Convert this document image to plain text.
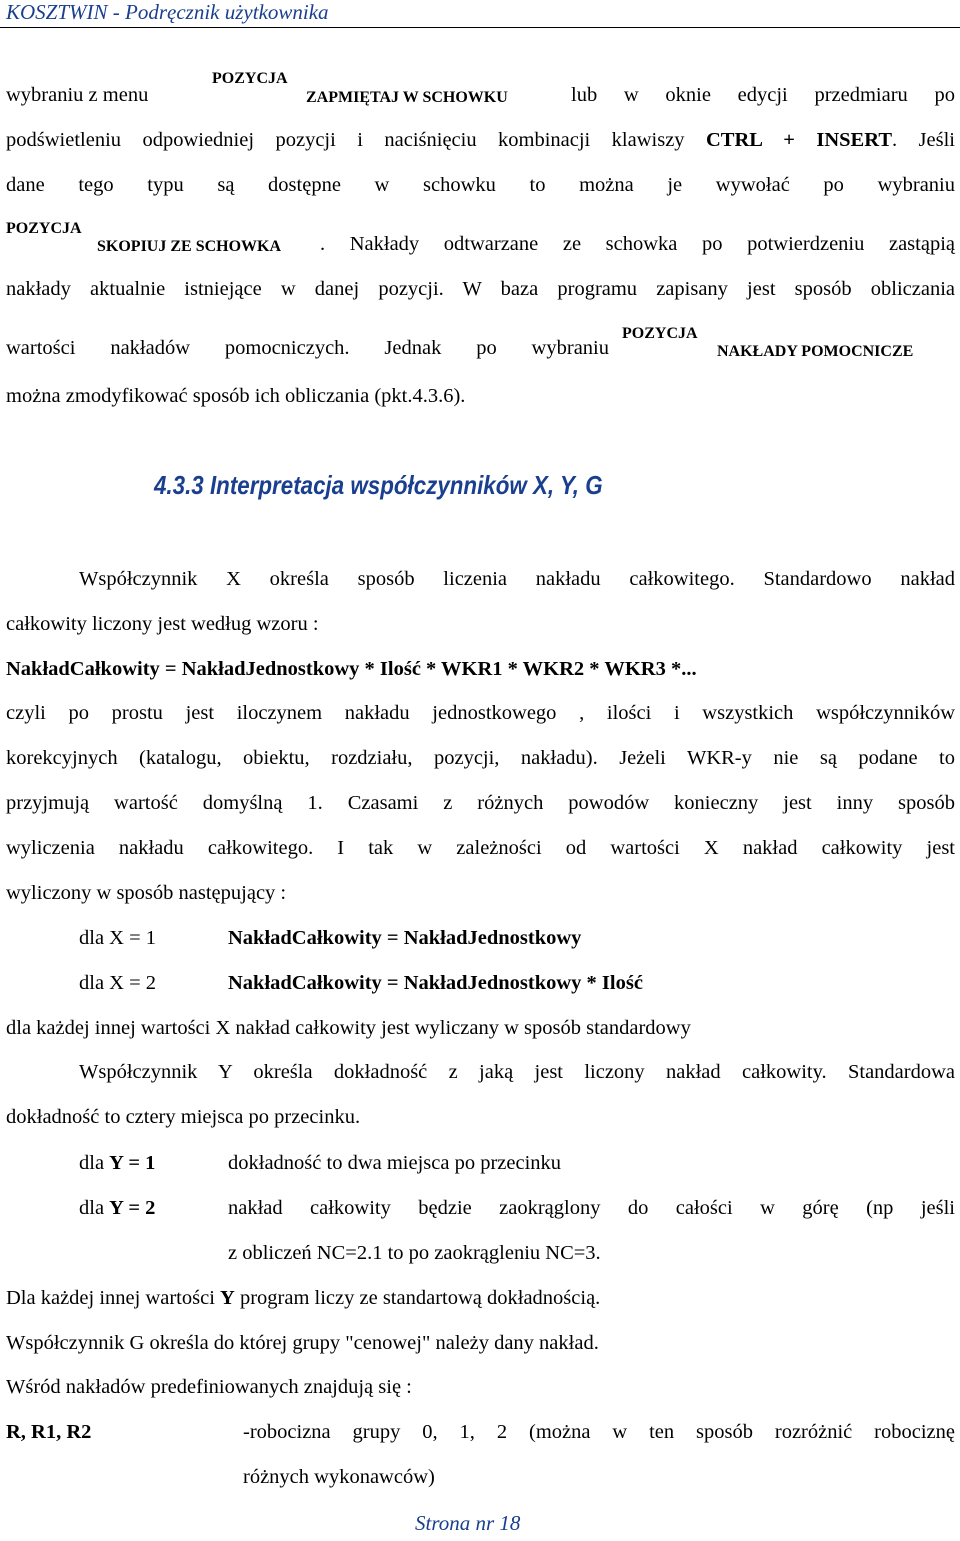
KOSZTWIN - Podręcznik użytkownika
wybraniu z menu
POZYCJA
ZAPMIĘTAJ W SCHOWKU	lub w oknie edycji przedmiaru po
podświetleniu odpowiedniej pozycji i naciśnięciu kombinacji klawiszy CTRL + INSERT. Jeśli
dane tego typu są dostępne w schowku to można je wywołać po wybraniu
POZYCJA
SKOPIUJ ZE SCHOWKA . Nakłady odtwarzane ze schowka po potwierdzeniu zastąpią
nakłady aktualnie istniejące w danej pozycji. W baza programu zapisany jest sposób obliczania
wartości nakładów pomocniczych. Jednak po wybraniu
POZYCJA
NAKŁADY POMOCNICZE
można zmodyfikować sposób ich obliczania (pkt.4.3.6).
4.3.3 Interpretacja współczynników X, Y, G
Współczynnik X określa sposób liczenia nakładu całkowitego. Standardowo nakład
całkowity liczony jest według wzoru :
NakładCałkowity = NakładJednostkowy * Ilość * WKR1 * WKR2 * WKR3 *...
czyli po prostu jest iloczynem nakładu jednostkowego , ilości i wszystkich współczynników
korekcyjnych (katalogu, obiektu, rozdziału, pozycji, nakładu). Jeżeli WKR-y nie są podane to
przyjmują wartość domyślną 1. Czasami z różnych powodów konieczny jest inny sposób
wyliczenia nakładu całkowitego. I tak w zależności od wartości X nakład całkowity jest
wyliczony w sposób następujący :
dla X = 1	NakładCałkowity = NakładJednostkowy
dla X = 2	NakładCałkowity = NakładJednostkowy * Ilość
dla każdej innej wartości X nakład całkowity jest wyliczany w sposób standardowy
Współczynnik Y określa dokładność z jaką jest liczony nakład całkowity. Standardowa
dokładność to cztery miejsca po przecinku.
dla Y = 1	dokładność to dwa miejsca po przecinku
dla Y = 2	nakład całkowity będzie zaokrąglony do całości w górę (np jeśli
z obliczeń NC=2.1 to po zaokrągleniu NC=3.
Dla każdej innej wartości Y program liczy ze standartową dokładnością.
Współczynnik G określa do której grupy "cenowej" należy dany nakład.
Wśród nakładów predefiniowanych znajdują się :
R, R1, R2	-robocizna grupy 0, 1, 2 (można w ten sposób rozróżnić robociznę
różnych wykonawców)
Strona nr 18
